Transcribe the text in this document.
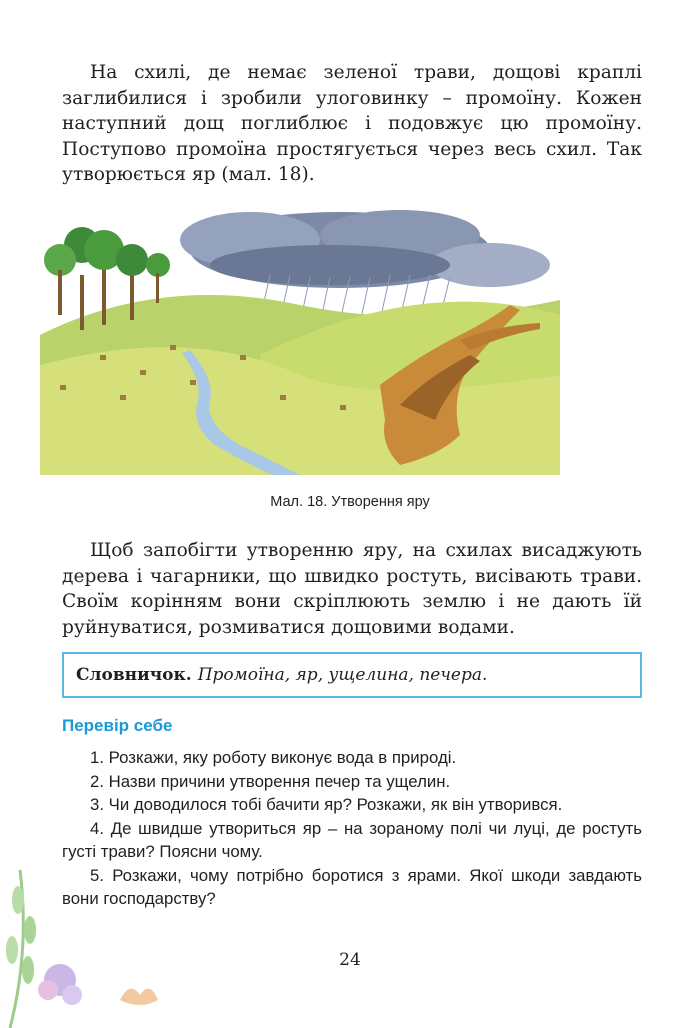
На схилі, де немає зеленої трави, дощові краплі заглибилися і зробили улоговинку – промоїну. Кожен наступний дощ поглиблює і подовжує цю промоїну. Поступово промоїна простягується через весь схил. Так утворюється яр (мал. 18).

Мал. 18. Утворення яру

Щоб запобігти утворенню яру, на схилах висаджують дерева і чагарники, що швидко ростуть, висівають трави. Своїм корінням вони скріплюють землю і не дають їй руйнуватися, розмиватися дощовими водами.

Словничок. Промоїна, яр, ущелина, печера.
Перевір себе
1. Розкажи, яку роботу виконує вода в природі.
2. Назви причини утворення печер та ущелин.
3. Чи доводилося тобі бачити яр? Розкажи, як він утворився.
4. Де швидше утвориться яр – на зораному полі чи луці, де ростуть густі трави? Поясни чому.
5. Розкажи, чому потрібно боротися з ярами. Якої шкоди завдають вони господарству?
24
